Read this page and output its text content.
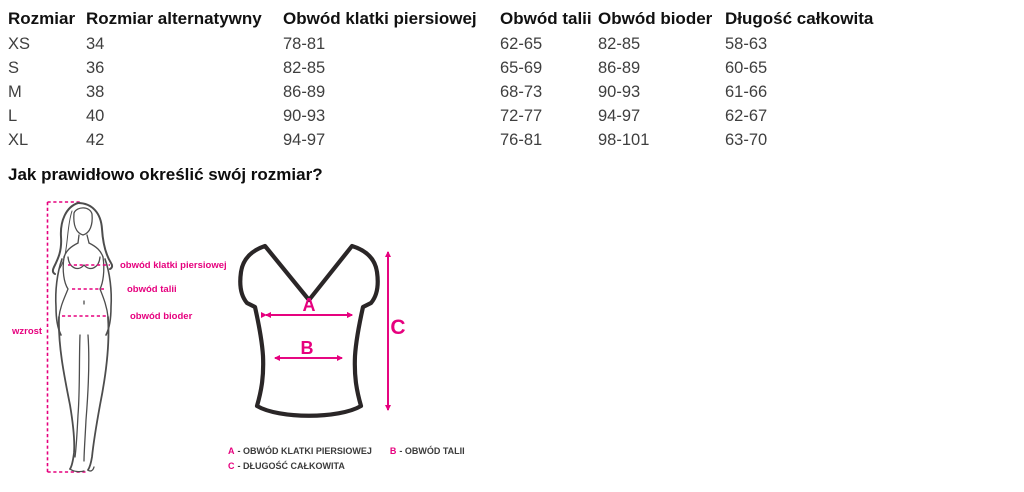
Rozmiar	Rozmiar alternatywny	Obwód klatki piersiowej	Obwód talii	Obwód bioder	Długość całkowita
XS	34	78-81	62-65	82-85	58-63
S	36	82-85	65-69	86-89	60-65
M	38	86-89	68-73	90-93	61-66
L	40	90-93	72-77	94-97	62-67
XL	42	94-97	76-81	98-101	63-70
Jak prawidłowo określić swój rozmiar?
wzrost
obwód klatki piersiowej
obwód talii
obwód bioder
A
B
C
A - OBWÓD KLATKI PIERSIOWEJ B - OBWÓD TALII
C - DŁUGOŚĆ CAŁKOWITA
